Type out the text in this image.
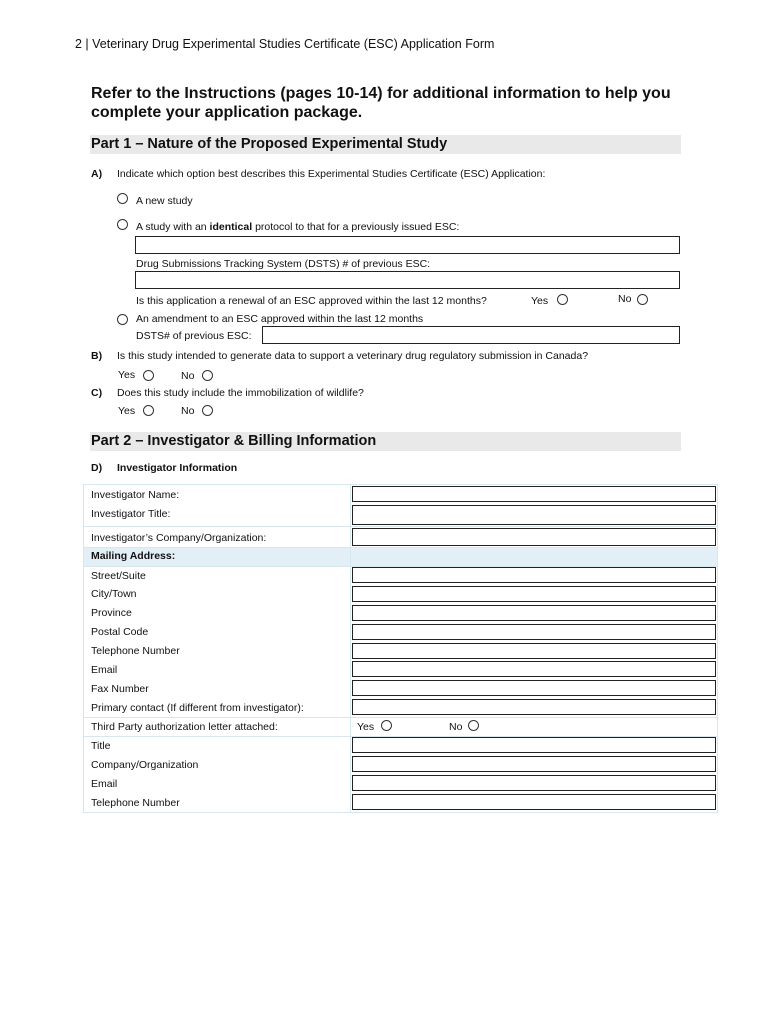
2 | Veterinary Drug Experimental Studies Certificate (ESC) Application Form
Refer to the Instructions (pages 10-14) for additional information to help you complete your application package.
Part 1 – Nature of the Proposed Experimental Study
A) Indicate which option best describes this Experimental Studies Certificate (ESC) Application:
A new study
A study with an identical protocol to that for a previously issued ESC:
Drug Submissions Tracking System (DSTS) # of previous ESC:
Is this application a renewal of an ESC approved within the last 12 months?	Yes	No
An amendment to an ESC approved within the last 12 months
DSTS# of previous ESC:
B) Is this study intended to generate data to support a veterinary drug regulatory submission in Canada?
Yes	No
C) Does this study include the immobilization of wildlife?
Yes	No
Part 2 – Investigator & Billing Information
D) Investigator Information
Investigator Name:
Investigator Title:
Investigator’s Company/Organization:
Mailing Address:
Street/Suite
City/Town
Province
Postal Code
Telephone Number
Email
Fax Number
Primary contact (If different from investigator):
Third Party authorization letter attached:	Yes	No
Title
Company/Organization
Email
Telephone Number
